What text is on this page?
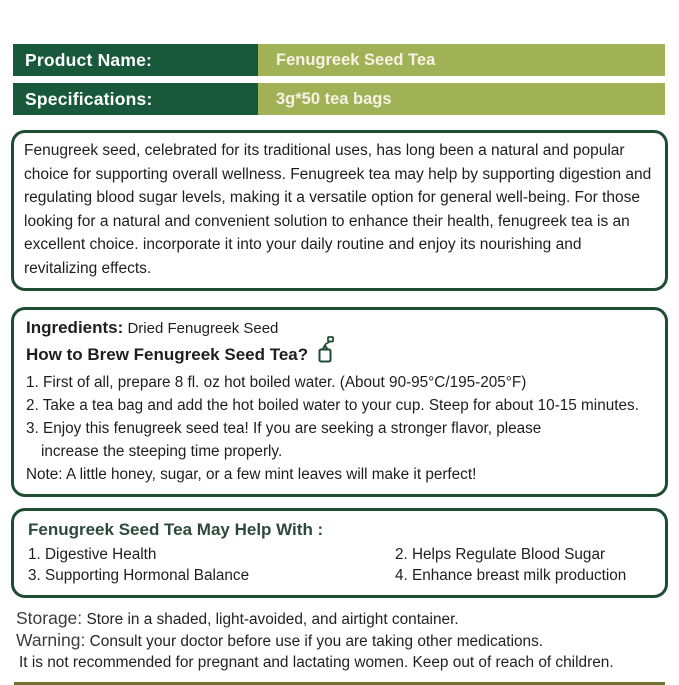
Product Name:	Fenugreek Seed Tea
Specifications:	3g*50 tea bags

Fenugreek seed, celebrated for its traditional uses, has long been a natural and popular choice for supporting overall wellness. Fenugreek tea may help by supporting digestion and regulating blood sugar levels, making it a versatile option for general well-being. For those looking for a natural and convenient solution to enhance their health, fenugreek tea is an excellent choice. incorporate it into your daily routine and enjoy its nourishing and revitalizing effects.

Ingredients: Dried Fenugreek Seed
How to Brew Fenugreek Seed Tea?
1. First of all, prepare 8 fl. oz hot boiled water. (About 90-95°C/195-205°F)
2. Take a tea bag and add the hot boiled water to your cup. Steep for about 10-15 minutes.
3. Enjoy this fenugreek seed tea! If you are seeking a stronger flavor, please
increase the steeping time properly.
Note: A little honey, sugar, or a few mint leaves will make it perfect!
Fenugreek Seed Tea May Help With :
1. Digestive Health	2. Helps Regulate Blood Sugar
3. Supporting Hormonal Balance	4. Enhance breast milk production
Storage: Store in a shaded, light-avoided, and airtight container.
Warning: Consult your doctor before use if you are taking other medications.
It is not recommended for pregnant and lactating women. Keep out of reach of children.
